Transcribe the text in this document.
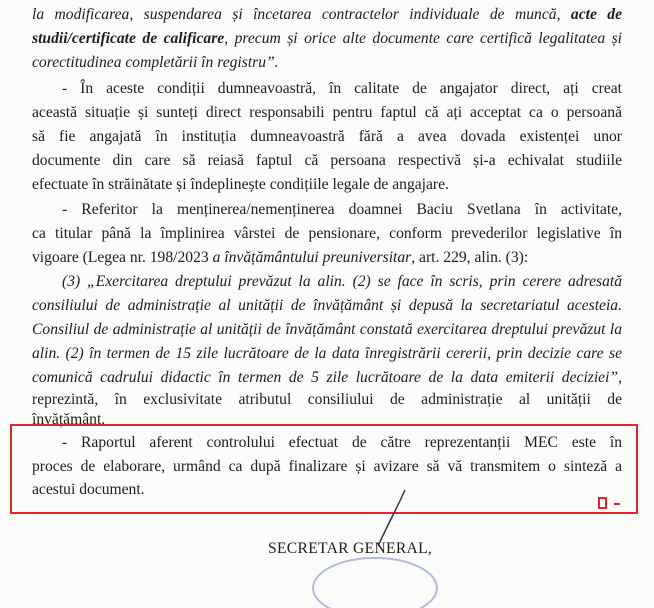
la modificarea, suspendarea și încetarea contractelor individuale de muncă, acte de
studii/certificate de calificare, precum și orice alte documente care certifică legalitatea și
corectitudinea completării în registru”.
- În aceste condiții dumneavoastră, în calitate de angajator direct, ați creat
această situație și sunteți direct responsabili pentru faptul că ați acceptat ca o persoană
să fie angajată în instituția dumneavoastră fără a avea dovada existenței unor
documente din care să reiasă faptul că persoana respectivă și-a echivalat studiile
efectuate în străinătate și îndeplinește condițiile legale de angajare.
- Referitor la menținerea/nemenținerea doamnei Baciu Svetlana în activitate,
ca titular până la împlinirea vârstei de pensionare, conform prevederilor legislative în
vigoare (Legea nr. 198/2023 a învățământului preuniversitar, art. 229, alin. (3):
(3) „Exercitarea dreptului prevăzut la alin. (2) se face în scris, prin cerere adresată
consiliului de administrație al unității de învățământ și depusă la secretariatul acesteia.
Consiliul de administrație al unității de învățământ constată exercitarea dreptului prevăzut la
alin. (2) în termen de 15 zile lucrătoare de la data înregistrării cererii, prin decizie care se
comunică cadrului didactic în termen de 5 zile lucrătoare de la data emiterii deciziei”,
reprezintă, în exclusivitate atributul consiliului de administrație al unității de
învățământ.
- Raportul aferent controlului efectuat de către reprezentanții MEC este în
proces de elaborare, urmând ca după finalizare și avizare să vă transmitem o sinteză a
acestui document.
SECRETAR GENERAL,
